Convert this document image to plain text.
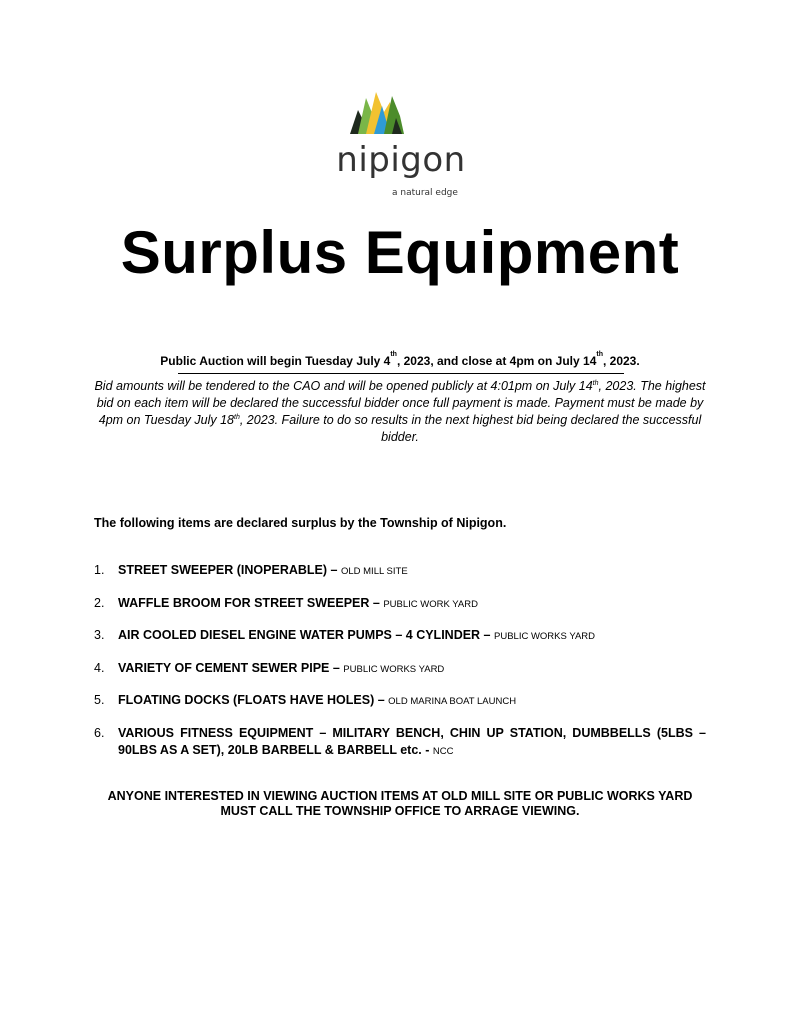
nipigon
a natural edge
Surplus Equipment
Public Auction will begin Tuesday July 4th, 2023, and close at 4pm on July 14th, 2023.
Bid amounts will be tendered to the CAO and will be opened publicly at 4:01pm on July 14th, 2023. The highest bid on each item will be declared the successful bidder once full payment is made. Payment must be made by 4pm on Tuesday July 18th, 2023. Failure to do so results in the next highest bid being declared the successful bidder.
The following items are declared surplus by the Township of Nipigon.
1. STREET SWEEPER (INOPERABLE) – OLD MILL SITE
2. WAFFLE BROOM FOR STREET SWEEPER – PUBLIC WORK YARD
3. AIR COOLED DIESEL ENGINE WATER PUMPS – 4 CYLINDER – PUBLIC WORKS YARD
4. VARIETY OF CEMENT SEWER PIPE – PUBLIC WORKS YARD
5. FLOATING DOCKS (FLOATS HAVE HOLES) – OLD MARINA BOAT LAUNCH
6. VARIOUS FITNESS EQUIPMENT – MILITARY BENCH, CHIN UP STATION, DUMBBELLS (5LBS – 90LBS AS A SET), 20LB BARBELL & BARBELL etc. - NCC
ANYONE INTERESTED IN VIEWING AUCTION ITEMS AT OLD MILL SITE OR PUBLIC WORKS YARD MUST CALL THE TOWNSHIP OFFICE TO ARRAGE VIEWING.
